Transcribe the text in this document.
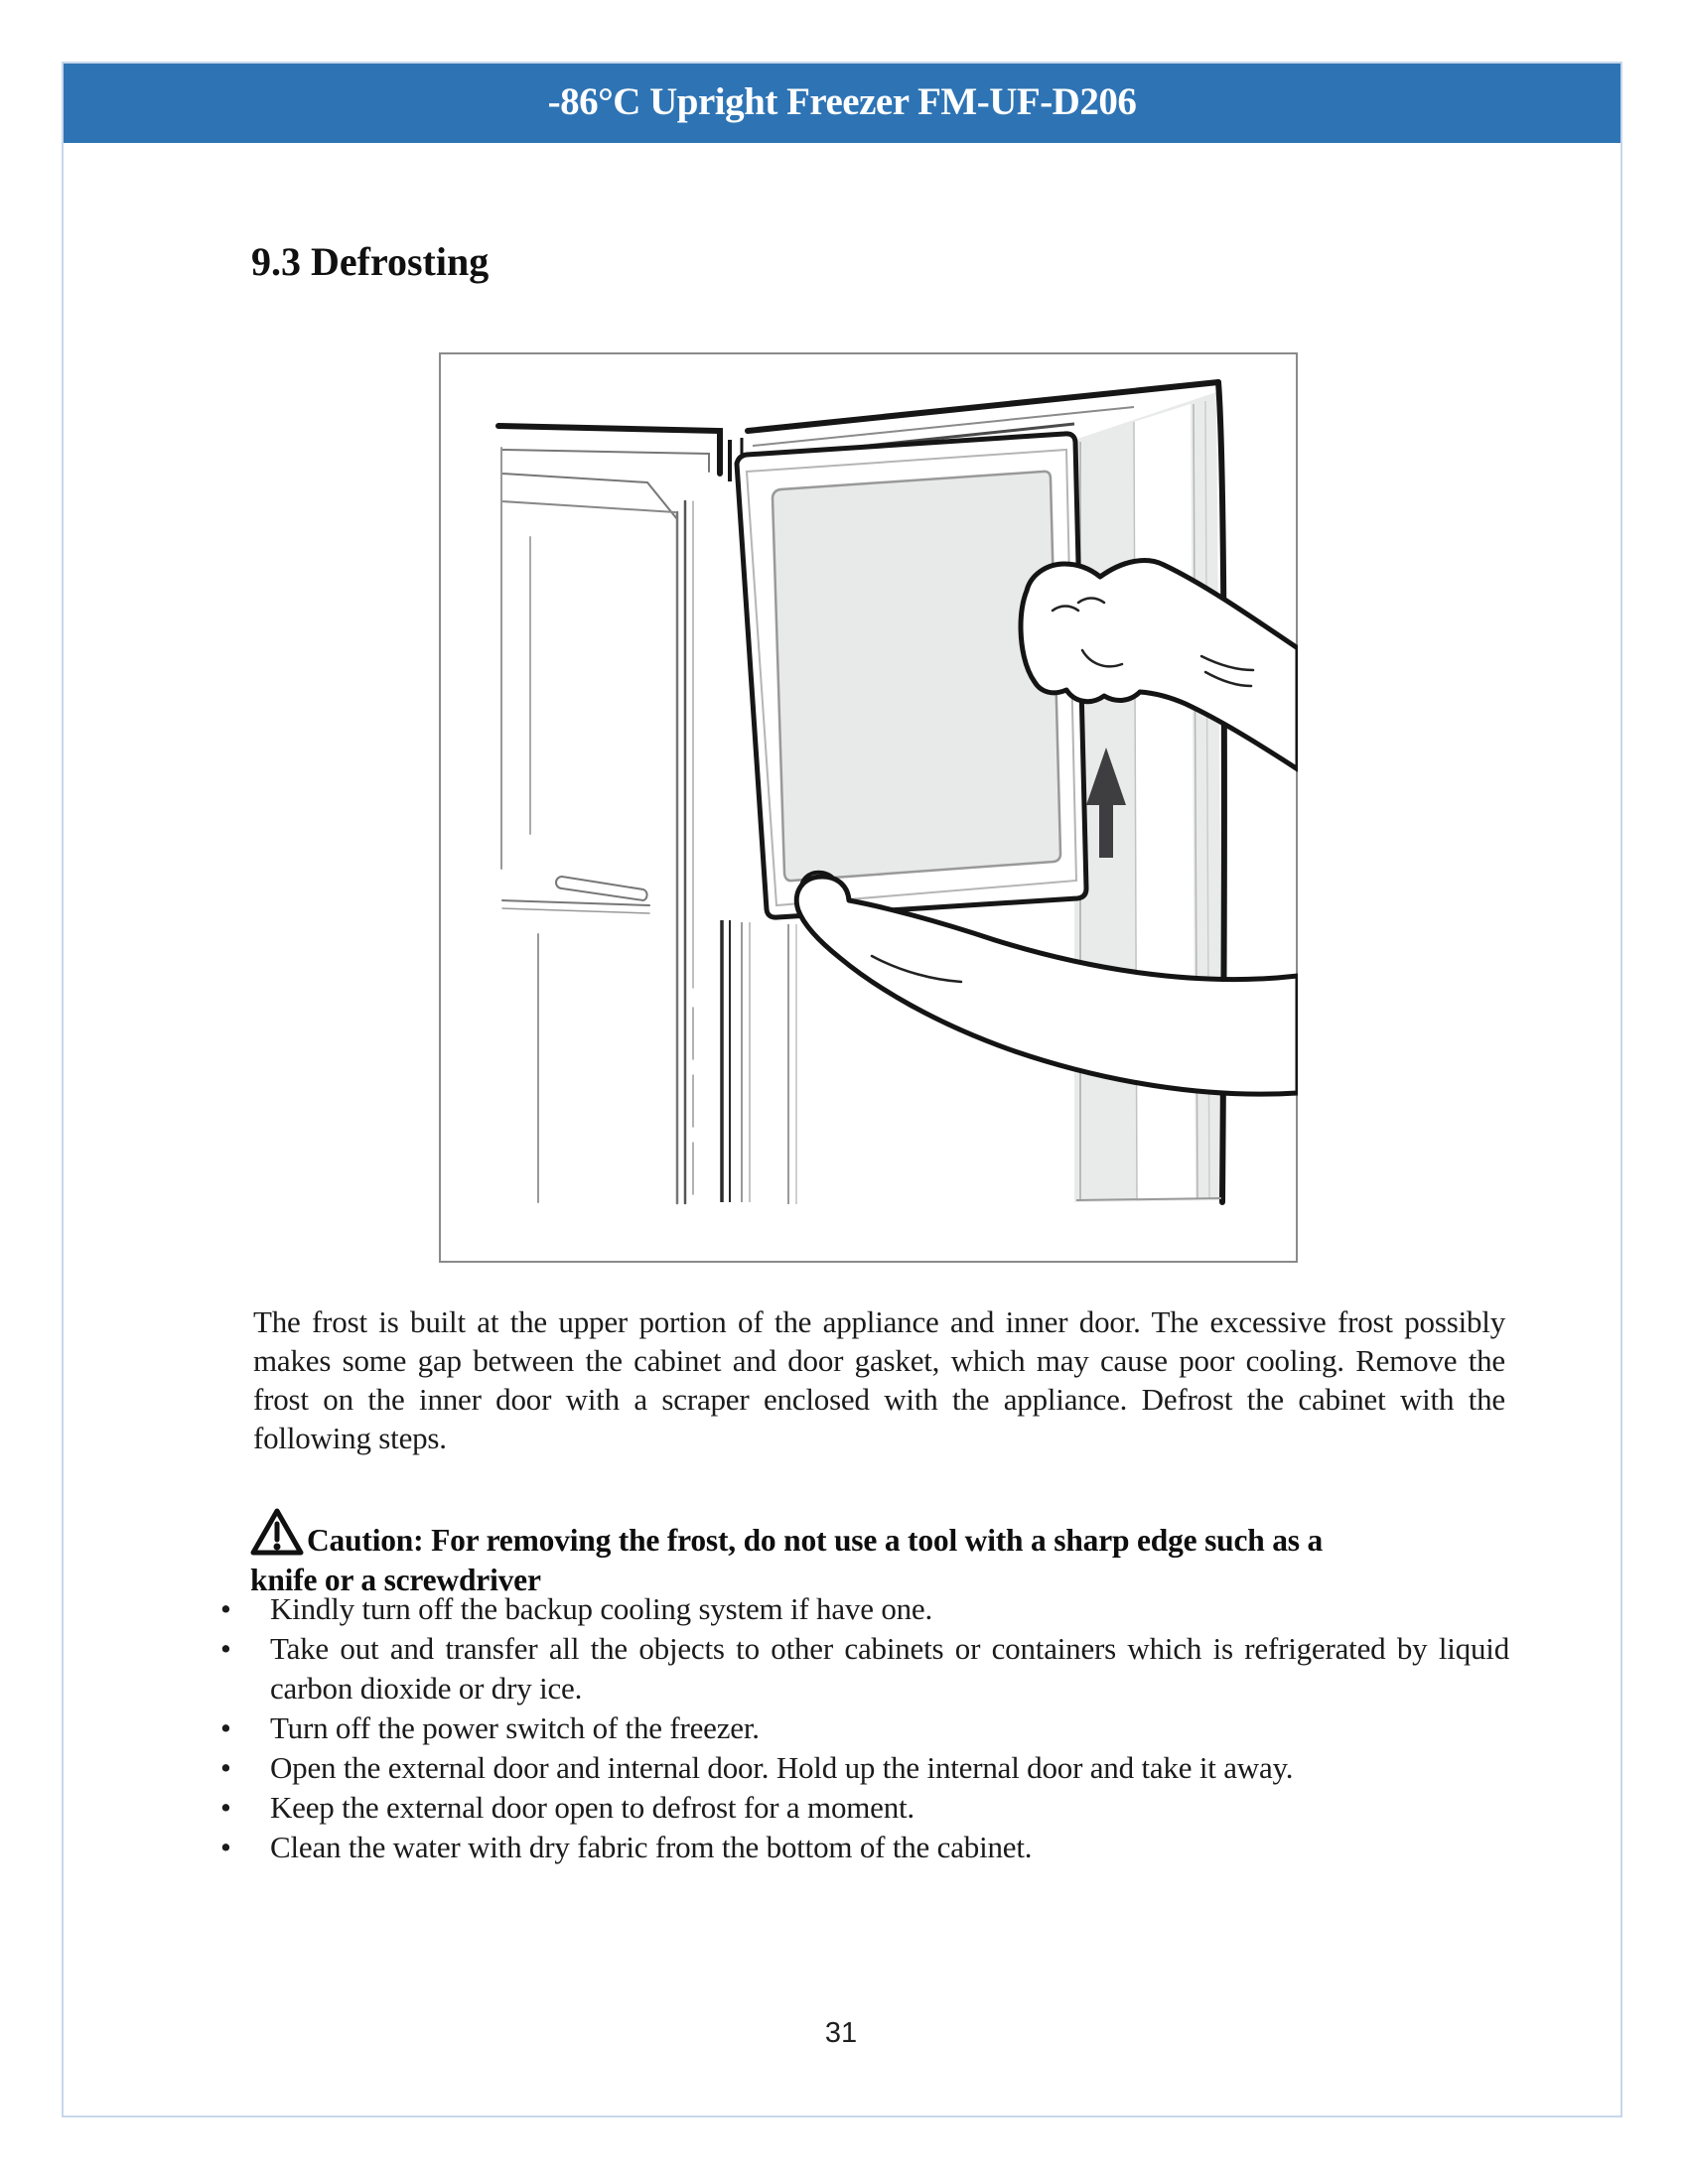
-86°C Upright Freezer FM-UF-D206
9.3 Defrosting
The frost is built at the upper portion of the appliance and inner door. The excessive frost possibly makes some gap between the cabinet and door gasket, which may cause poor cooling. Remove the frost on the inner door with a scraper enclosed with the appliance. Defrost the cabinet with the following steps.
Caution: For removing the frost, do not use a tool with a sharp edge such as a
knife or a screwdriver
•	Kindly turn off the backup cooling system if have one.
•	Take out and transfer all the objects to other cabinets or containers which is refrigerated by liquid carbon dioxide or dry ice.
•	Turn off the power switch of the freezer.
•	Open the external door and internal door. Hold up the internal door and take it away.
•	Keep the external door open to defrost for a moment.
•	Clean the water with dry fabric from the bottom of the cabinet.
31
